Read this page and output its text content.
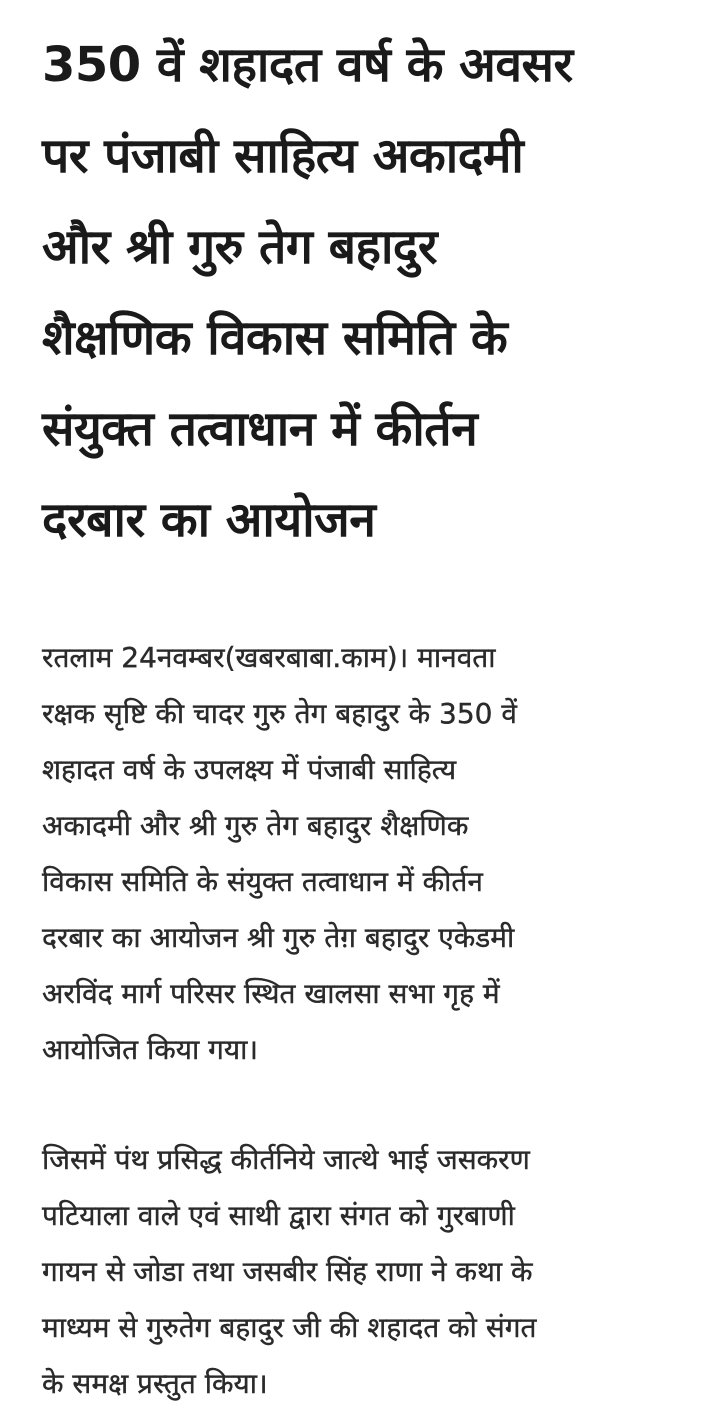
350 वें शहादत वर्ष के अवसर
पर पंजाबी साहित्य अकादमी
और श्री गुरु तेग बहादुर
शैक्षणिक विकास समिति के
संयुक्त तत्वाधान में कीर्तन
दरबार का आयोजन
रतलाम 24नवम्बर(खबरबाबा.काम)। मानवता
रक्षक सृष्टि की चादर गुरु तेग बहादुर के 350 वें
शहादत वर्ष के उपलक्ष्य में पंजाबी साहित्य
अकादमी और श्री गुरु तेग बहादुर शैक्षणिक
विकास समिति के संयुक्त तत्वाधान में कीर्तन
दरबार का आयोजन श्री गुरु तेग़ बहादुर एकेडमी
अरविंद मार्ग परिसर स्थित खालसा सभा गृह में
आयोजित किया गया।
जिसमें पंथ प्रसिद्ध कीर्तनिये जात्थे भाई जसकरण
पटियाला वाले एवं साथी द्वारा संगत को गुरबाणी
गायन से जोडा तथा जसबीर सिंह राणा ने कथा के
माध्यम से गुरुतेग बहादुर जी की शहादत को संगत
के समक्ष प्रस्तुत किया।
